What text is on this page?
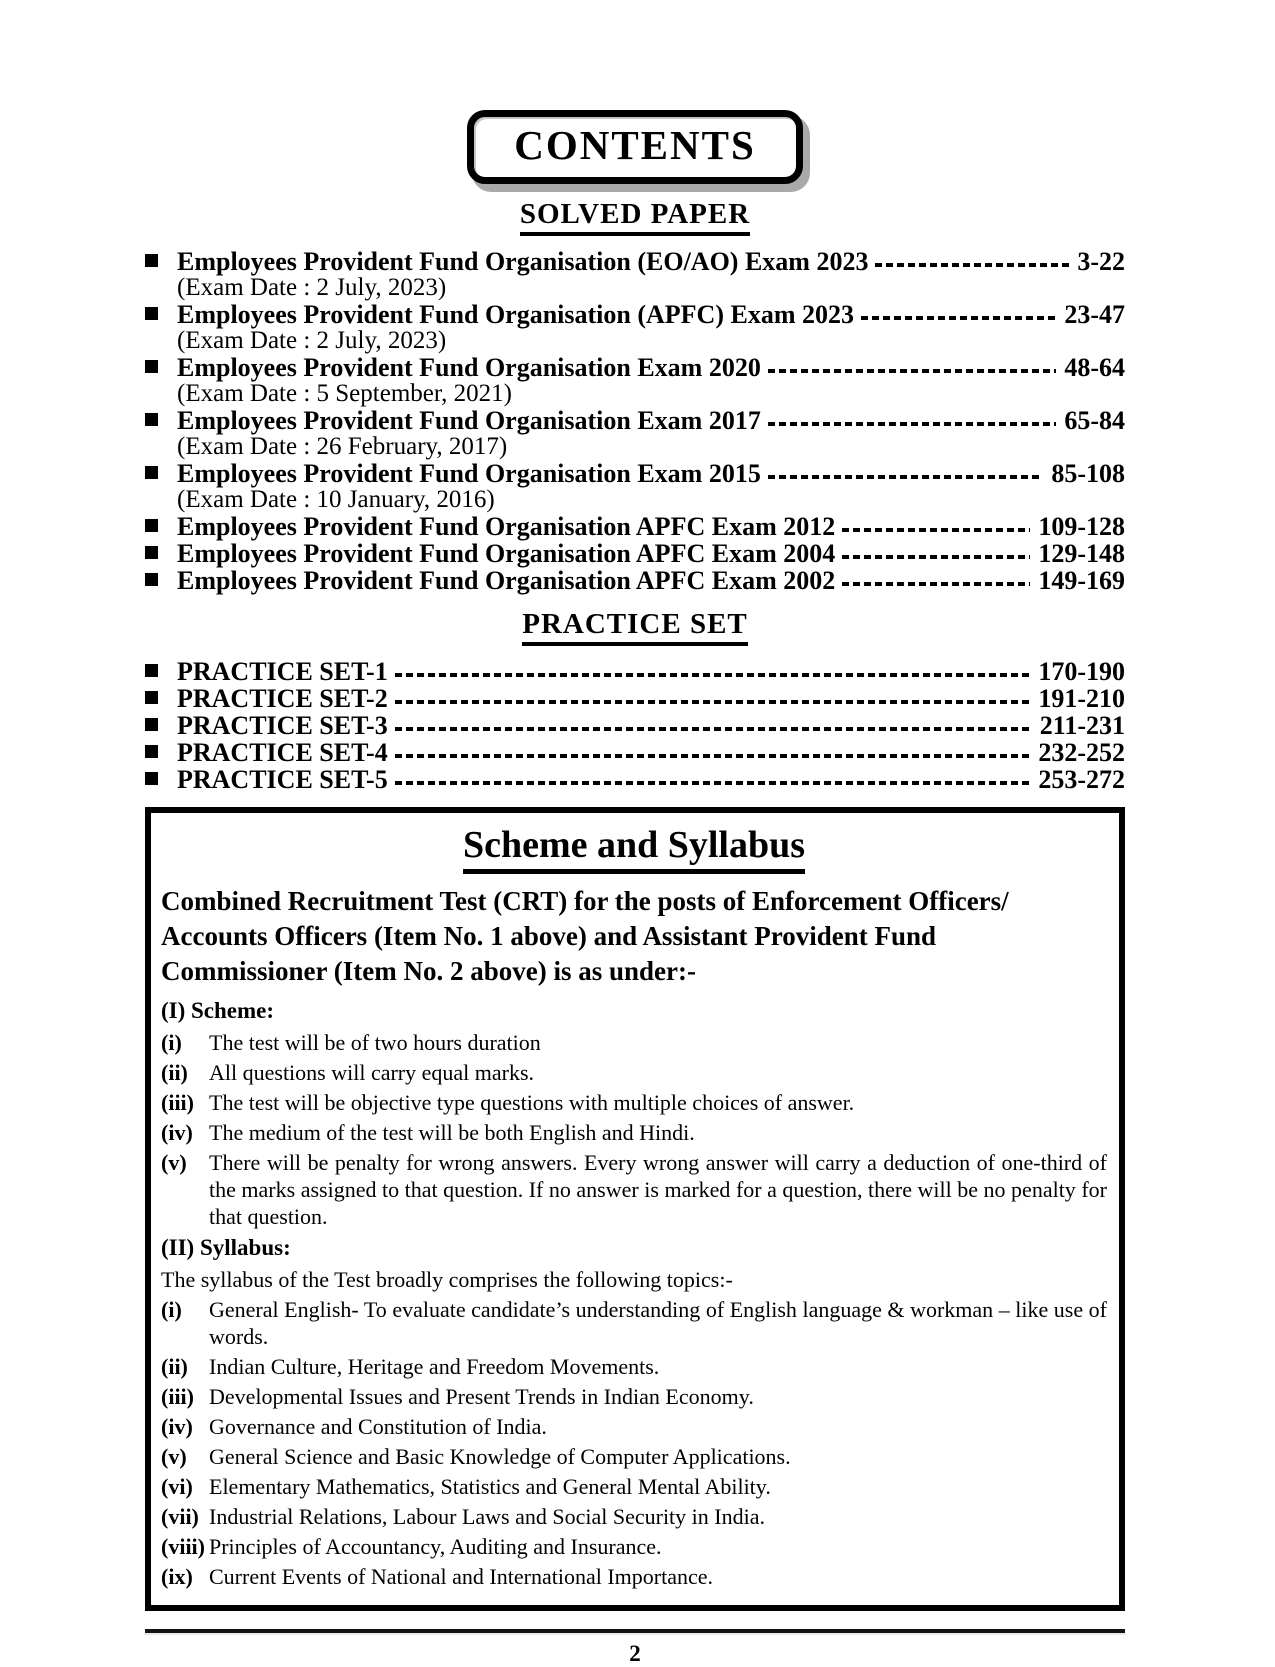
CONTENTS
SOLVED PAPER
Employees Provident Fund Organisation (EO/AO) Exam 2023	3-22
(Exam Date : 2 July, 2023)
Employees Provident Fund Organisation (APFC) Exam 2023	23-47
(Exam Date : 2 July, 2023)
Employees Provident Fund Organisation Exam 2020	48-64
(Exam Date : 5 September, 2021)
Employees Provident Fund Organisation Exam 2017	65-84
(Exam Date : 26 February, 2017)
Employees Provident Fund Organisation Exam 2015	85-108
(Exam Date : 10 January, 2016)
Employees Provident Fund Organisation APFC Exam 2012	109-128
Employees Provident Fund Organisation APFC Exam 2004	129-148
Employees Provident Fund Organisation APFC Exam 2002	149-169
PRACTICE SET
PRACTICE SET-1	170-190
PRACTICE SET-2	191-210
PRACTICE SET-3	211-231
PRACTICE SET-4	232-252
PRACTICE SET-5	253-272
Scheme and Syllabus

Combined Recruitment Test (CRT) for the posts of Enforcement Officers/ Accounts Officers (Item No. 1 above) and Assistant Provident Fund Commissioner (Item No. 2 above) is as under:-

(I) Scheme:
(i)	The test will be of two hours duration
(ii) All questions will carry equal marks.
(iii) The test will be objective type questions with multiple choices of answer.
(iv) The medium of the test will be both English and Hindi.
(v)	There will be penalty for wrong answers. Every wrong answer will carry a deduction of one-third of the marks assigned to that question. If no answer is marked for a question, there will be no penalty for that question.
(II) Syllabus:
The syllabus of the Test broadly comprises the following topics:-
(i)	General English- To evaluate candidate’s understanding of English language & workman – like use of words.
(ii) Indian Culture, Heritage and Freedom Movements.
(iii) Developmental Issues and Present Trends in Indian Economy.
(iv) Governance and Constitution of India.
(v)	General Science and Basic Knowledge of Computer Applications.
(vi) Elementary Mathematics, Statistics and General Mental Ability.
(vii) Industrial Relations, Labour Laws and Social Security in India.
(viii) Principles of Accountancy, Auditing and Insurance.
(ix) Current Events of National and International Importance.
2
